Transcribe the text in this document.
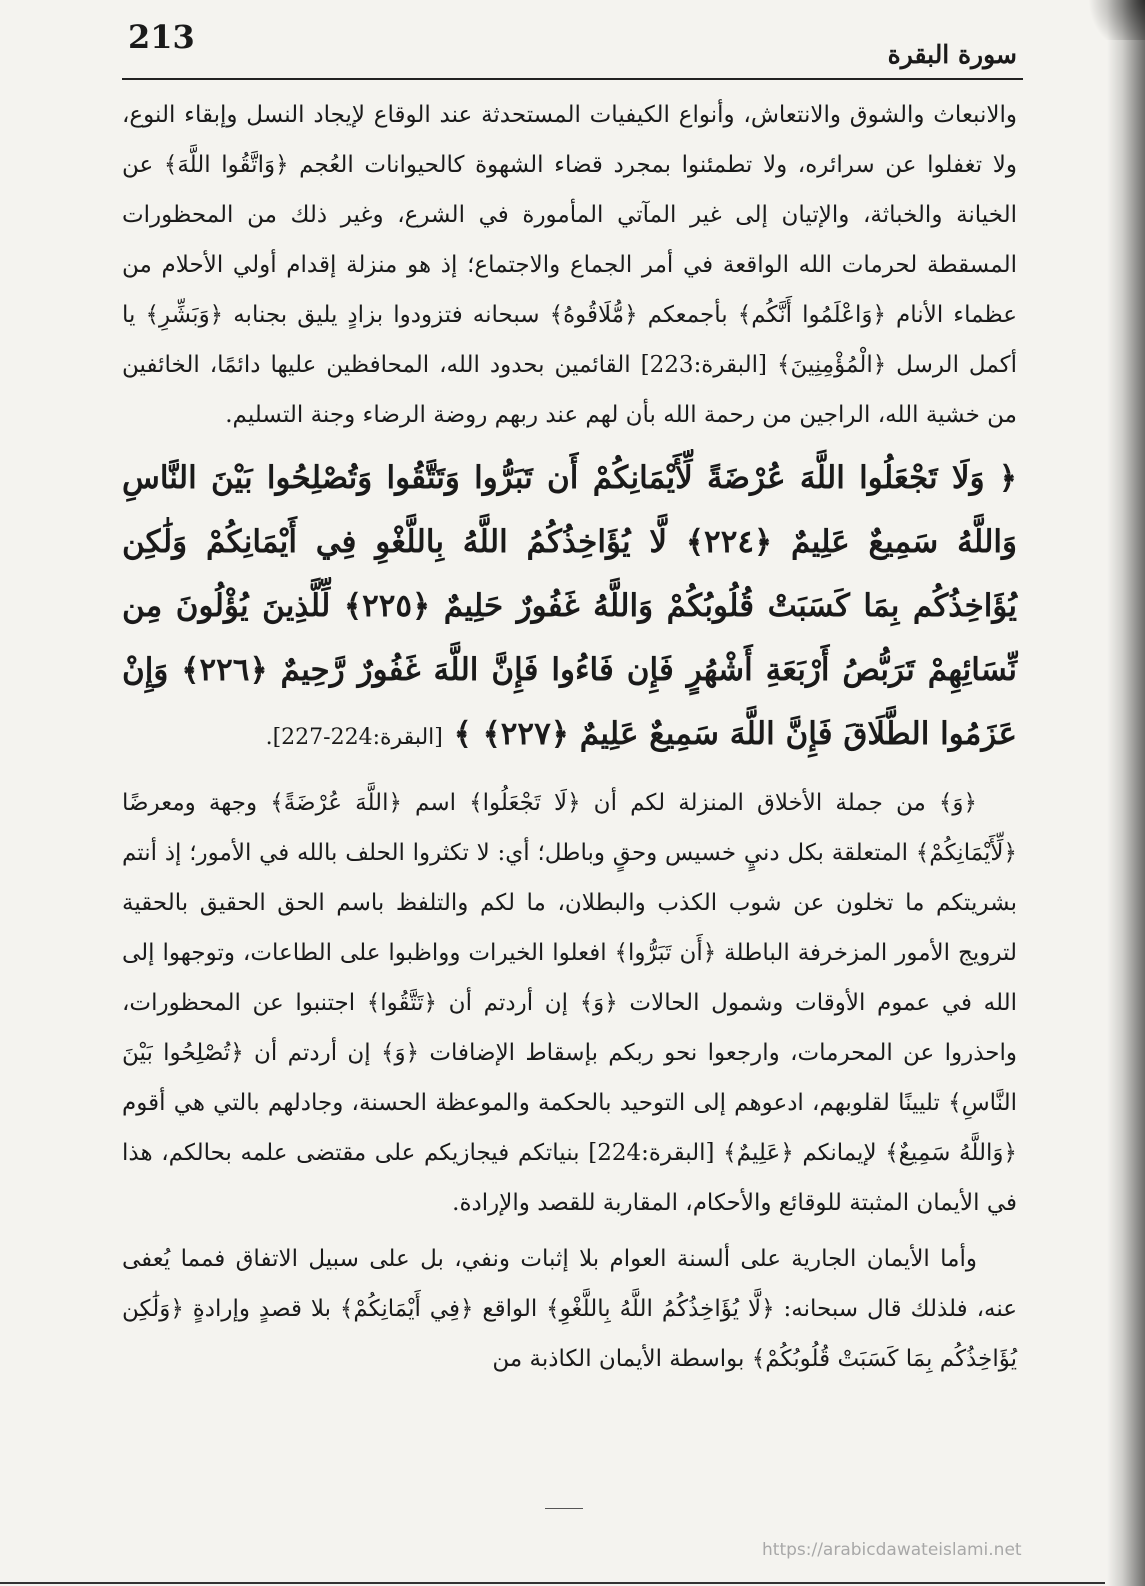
213	سورة البقرة

والانبعاث والشوق والانتعاش، وأنواع الكيفيات المستحدثة عند الوقاع لإيجاد النسل وإبقاء النوع، ولا تغفلوا عن سرائره، ولا تطمئنوا بمجرد قضاء الشهوة كالحيوانات العُجم ﴿وَاتَّقُوا اللَّهَ﴾ عن الخيانة والخباثة، والإتيان إلى غير المآتي المأمورة في الشرع، وغير ذلك من المحظورات المسقطة لحرمات الله الواقعة في أمر الجماع والاجتماع؛ إذ هو منزلة إقدام أولي الأحلام من عظماء الأنام ﴿وَاعْلَمُوا أَنَّكُم﴾ بأجمعكم ﴿مُّلَاقُوهُ﴾ سبحانه فتزودوا بزادٍ يليق بجنابه ﴿وَبَشِّرِ﴾ يا أكمل الرسل ﴿الْمُؤْمِنِينَ﴾ [البقرة:223] القائمين بحدود الله، المحافظين عليها دائمًا، الخائفين من خشية الله، الراجين من رحمة الله بأن لهم عند ربهم روضة الرضاء وجنة التسليم.

﴿ وَلَا تَجْعَلُوا اللَّهَ عُرْضَةً لِّأَيْمَانِكُمْ أَن تَبَرُّوا وَتَتَّقُوا وَتُصْلِحُوا بَيْنَ النَّاسِ وَاللَّهُ سَمِيعٌ عَلِيمٌ ﴿٢٢٤﴾ لَّا يُؤَاخِذُكُمُ اللَّهُ بِاللَّغْوِ فِي أَيْمَانِكُمْ وَلَٰكِن يُؤَاخِذُكُم بِمَا كَسَبَتْ قُلُوبُكُمْ وَاللَّهُ غَفُورٌ حَلِيمٌ ﴿٢٢٥﴾ لِّلَّذِينَ يُؤْلُونَ مِن نِّسَائِهِمْ تَرَبُّصُ أَرْبَعَةِ أَشْهُرٍ فَإِن فَاءُوا فَإِنَّ اللَّهَ غَفُورٌ رَّحِيمٌ ﴿٢٢٦﴾ وَإِنْ عَزَمُوا الطَّلَاقَ فَإِنَّ اللَّهَ سَمِيعٌ عَلِيمٌ ﴿٢٢٧﴾ ﴾ [البقرة:224-227].

﴿وَ﴾ من جملة الأخلاق المنزلة لكم أن ﴿لَا تَجْعَلُوا﴾ اسم ﴿اللَّهَ عُرْضَةً﴾ وجهة ومعرضًا ﴿لِّأَيْمَانِكُمْ﴾ المتعلقة بكل دنيٍ خسيس وحقٍ وباطل؛ أي: لا تكثروا الحلف بالله في الأمور؛ إذ أنتم بشريتكم ما تخلون عن شوب الكذب والبطلان، ما لكم والتلفظ باسم الحق الحقيق بالحقية لترويج الأمور المزخرفة الباطلة ﴿أَن تَبَرُّوا﴾ افعلوا الخيرات وواظبوا على الطاعات، وتوجهوا إلى الله في عموم الأوقات وشمول الحالات ﴿وَ﴾ إن أردتم أن ﴿تَتَّقُوا﴾ اجتنبوا عن المحظورات، واحذروا عن المحرمات، وارجعوا نحو ربكم بإسقاط الإضافات ﴿وَ﴾ إن أردتم أن ﴿تُصْلِحُوا بَيْنَ النَّاسِ﴾ تليينًا لقلوبهم، ادعوهم إلى التوحيد بالحكمة والموعظة الحسنة، وجادلهم بالتي هي أقوم ﴿وَاللَّهُ سَمِيعٌ﴾ لإيمانكم ﴿عَلِيمٌ﴾ [البقرة:224] بنياتكم فيجازيكم على مقتضى علمه بحالكم، هذا في الأيمان المثبتة للوقائع والأحكام، المقاربة للقصد والإرادة.

وأما الأيمان الجارية على ألسنة العوام بلا إثبات ونفي، بل على سبيل الاتفاق فمما يُعفى عنه، فلذلك قال سبحانه: ﴿لَّا يُؤَاخِذُكُمُ اللَّهُ بِاللَّغْوِ﴾ الواقع ﴿فِي أَيْمَانِكُمْ﴾ بلا قصدٍ وإرادةٍ ﴿وَلَٰكِن يُؤَاخِذُكُم بِمَا كَسَبَتْ قُلُوبُكُمْ﴾ بواسطة الأيمان الكاذبة من

https://arabicdawateislami.net
